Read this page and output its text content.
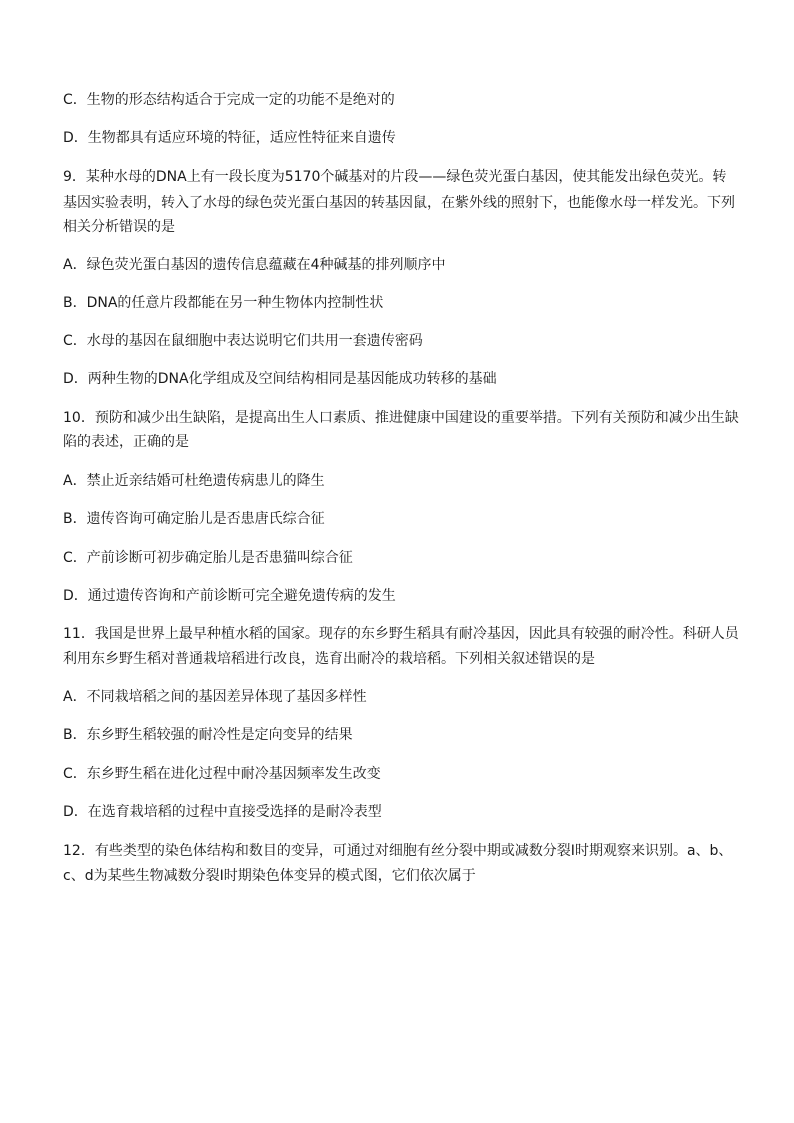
C．生物的形态结构适合于完成一定的功能不是绝对的
D．生物都具有适应环境的特征，适应性特征来自遗传
9．某种水母的DNA上有一段长度为5170个碱基对的片段——绿色荧光蛋白基因，使其能发出绿色荧光。转
基因实验表明，转入了水母的绿色荧光蛋白基因的转基因鼠，在紫外线的照射下，也能像水母一样发光。下列
相关分析错误的是
A．绿色荧光蛋白基因的遗传信息蕴藏在4种碱基的排列顺序中
B．DNA的任意片段都能在另一种生物体内控制性状
C．水母的基因在鼠细胞中表达说明它们共用一套遗传密码
D．两种生物的DNA化学组成及空间结构相同是基因能成功转移的基础
10．预防和减少出生缺陷，是提高出生人口素质、推进健康中国建设的重要举措。下列有关预防和减少出生缺
陷的表述，正确的是
A．禁止近亲结婚可杜绝遗传病患儿的降生
B．遗传咨询可确定胎儿是否患唐氏综合征
C．产前诊断可初步确定胎儿是否患猫叫综合征
D．通过遗传咨询和产前诊断可完全避免遗传病的发生
11．我国是世界上最早种植水稻的国家。现存的东乡野生稻具有耐冷基因，因此具有较强的耐冷性。科研人员
利用东乡野生稻对普通栽培稻进行改良，选育出耐冷的栽培稻。下列相关叙述错误的是
A．不同栽培稻之间的基因差异体现了基因多样性
B．东乡野生稻较强的耐冷性是定向变异的结果
C．东乡野生稻在进化过程中耐冷基因频率发生改变
D．在选育栽培稻的过程中直接受选择的是耐冷表型
12．有些类型的染色体结构和数目的变异，可通过对细胞有丝分裂中期或减数分裂Ⅰ时期观察来识别。a、b、
c、d为某些生物减数分裂Ⅰ时期染色体变异的模式图，它们依次属于
